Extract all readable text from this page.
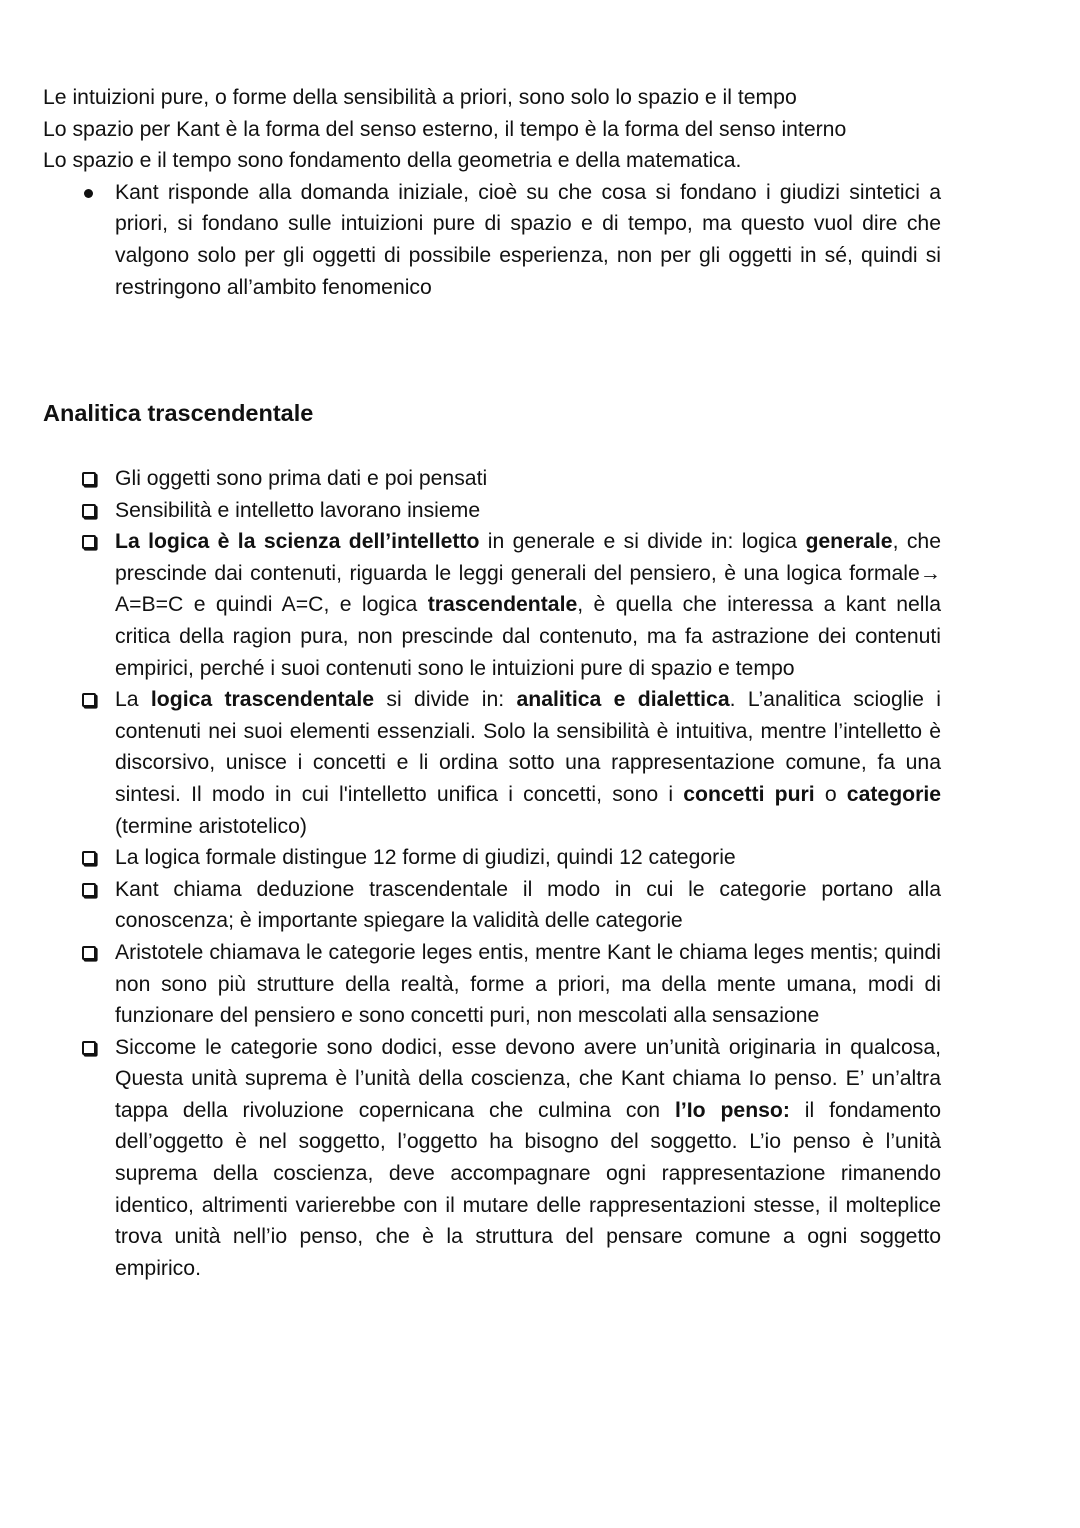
Le intuizioni pure, o forme della sensibilità a priori, sono solo lo spazio e il tempo

Lo spazio per Kant è la forma del senso esterno, il tempo è la forma del senso interno

Lo spazio e il tempo sono fondamento della geometria e della matematica.

Kant risponde alla domanda iniziale, cioè su che cosa si fondano i giudizi sintetici a priori, si fondano sulle intuizioni pure di spazio e di tempo, ma questo vuol dire che valgono solo per gli oggetti di possibile esperienza, non per gli oggetti in sé, quindi si restringono all’ambito fenomenico
Analitica trascendentale
Gli oggetti sono prima dati e poi pensati
Sensibilità e intelletto lavorano insieme
La logica è la scienza dell’intelletto in generale e si divide in: logica generale, che prescinde dai contenuti, riguarda le leggi generali del pensiero, è una logica formale→ A=B=C e quindi A=C, e logica trascendentale, è quella che interessa a kant nella critica della ragion pura, non prescinde dal contenuto, ma fa astrazione dei contenuti empirici, perché i suoi contenuti sono le intuizioni pure di spazio e tempo
La logica trascendentale si divide in: analitica e dialettica. L’analitica scioglie i contenuti nei suoi elementi essenziali. Solo la sensibilità è intuitiva, mentre l’intelletto è discorsivo, unisce i concetti e li ordina sotto una rappresentazione comune, fa una sintesi. Il modo in cui l'intelletto unifica i concetti, sono i concetti puri o categorie (termine aristotelico)
La logica formale distingue 12 forme di giudizi, quindi 12 categorie
Kant chiama deduzione trascendentale il modo in cui le categorie portano alla conoscenza; è importante spiegare la validità delle categorie
Aristotele chiamava le categorie leges entis, mentre Kant le chiama leges mentis; quindi non sono più strutture della realtà, forme a priori, ma della mente umana, modi di funzionare del pensiero e sono concetti puri, non mescolati alla sensazione
Siccome le categorie sono dodici, esse devono avere un’unità originaria in qualcosa, Questa unità suprema è l’unità della coscienza, che Kant chiama Io penso. E’ un’altra tappa della rivoluzione copernicana che culmina con l’Io penso: il fondamento dell’oggetto è nel soggetto, l’oggetto ha bisogno del soggetto. L’io penso è l’unità suprema della coscienza, deve accompagnare ogni rappresentazione rimanendo identico, altrimenti varierebbe con il mutare delle rappresentazioni stesse, il molteplice trova unità nell’io penso, che è la struttura del pensare comune a ogni soggetto empirico.
